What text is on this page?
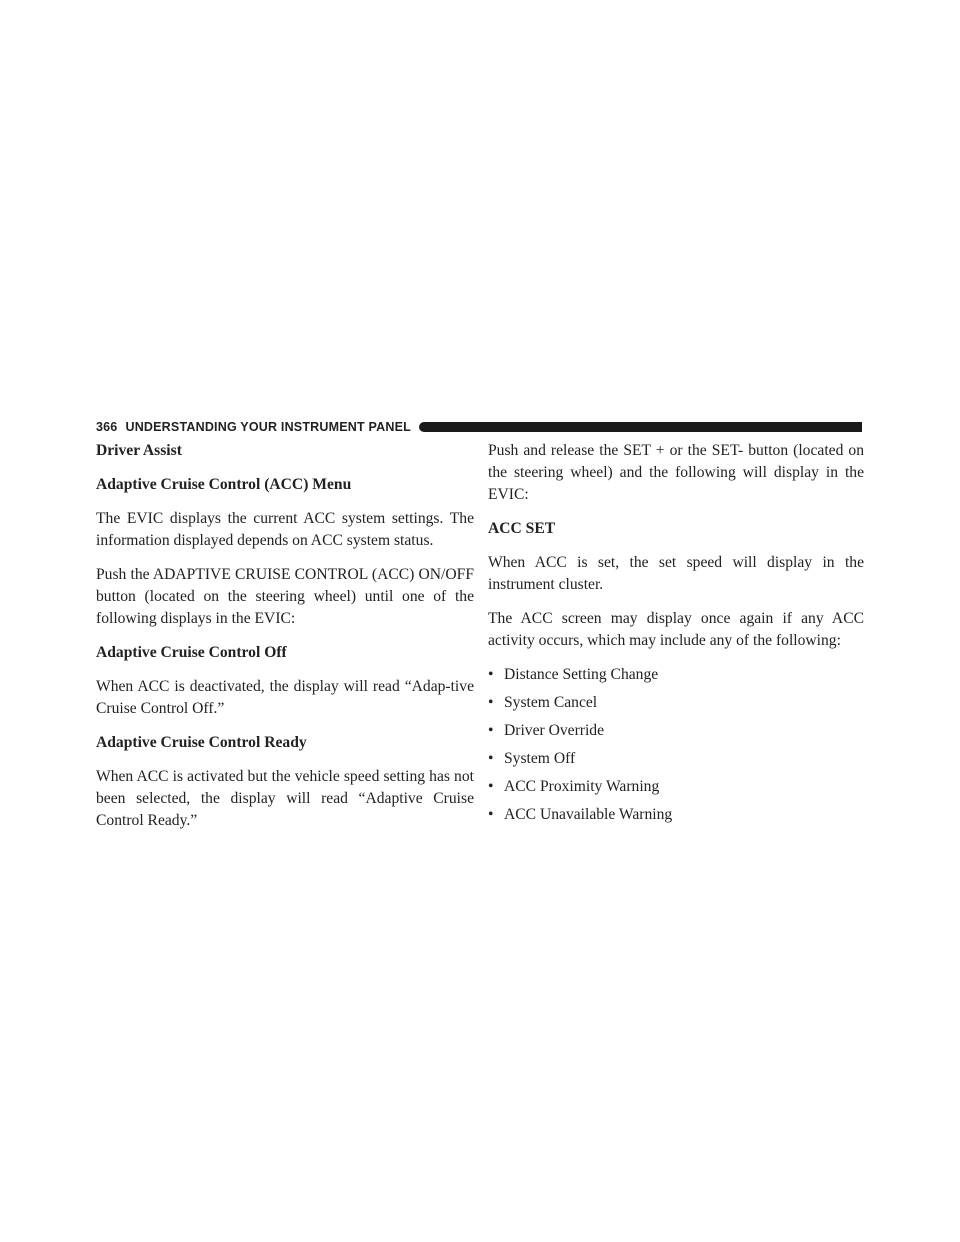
366 UNDERSTANDING YOUR INSTRUMENT PANEL
Driver Assist
Adaptive Cruise Control (ACC) Menu

The EVIC displays the current ACC system settings. The information displayed depends on ACC system status.

Push the ADAPTIVE CRUISE CONTROL (ACC) ON/OFF button (located on the steering wheel) until one of the following displays in the EVIC:

Adaptive Cruise Control Off

When ACC is deactivated, the display will read “Adap-tive Cruise Control Off.”

Adaptive Cruise Control Ready

When ACC is activated but the vehicle speed setting has not been selected, the display will read “Adaptive Cruise Control Ready.”

Push and release the SET + or the SET- button (located on the steering wheel) and the following will display in the EVIC:

ACC SET

When ACC is set, the set speed will display in the instrument cluster.

The ACC screen may display once again if any ACC activity occurs, which may include any of the following:

• Distance Setting Change
• System Cancel
• Driver Override
• System Off
• ACC Proximity Warning
• ACC Unavailable Warning
